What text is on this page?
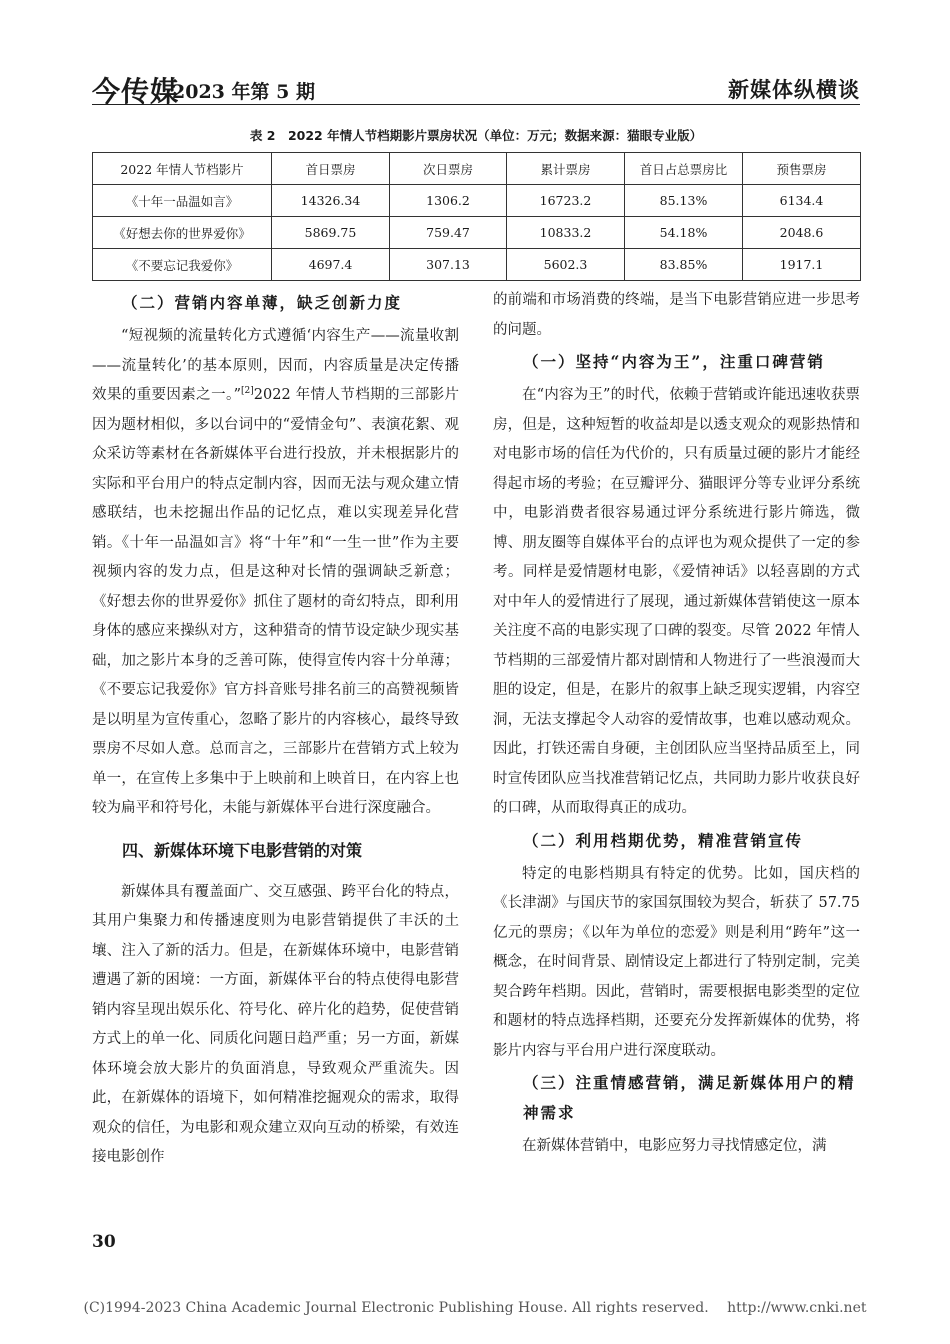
今传媒
2023 年第 5 期	新媒体纵横谈
表 2　2022 年情人节档期影片票房状况（单位：万元；数据来源：猫眼专业版）
2022 年情人节档影片	首日票房	次日票房	累计票房	首日占总票房比	预售票房
《十年一品温如言》	14326.34	1306.2	16723.2	85.13%	6134.4
《好想去你的世界爱你》	5869.75	759.47	10833.2	54.18%	2048.6
《不要忘记我爱你》	4697.4	307.13	5602.3	83.85%	1917.1
（二）营销内容单薄，缺乏创新力度

“短视频的流量转化方式遵循‘内容生产——流量收割——流量转化’的基本原则，因而，内容质量是决定传播效果的重要因素之一。”[2]2022 年情人节档期的三部影片因为题材相似，多以台词中的“爱情金句”、表演花絮、观众采访等素材在各新媒体平台进行投放，并未根据影片的实际和平台用户的特点定制内容，因而无法与观众建立情感联结，也未挖掘出作品的记忆点，难以实现差异化营销。《十年一品温如言》将“十年”和“一生一世”作为主要视频内容的发力点，但是这种对长情的强调缺乏新意；《好想去你的世界爱你》抓住了题材的奇幻特点，即利用身体的感应来操纵对方，这种猎奇的情节设定缺少现实基础，加之影片本身的乏善可陈，使得宣传内容十分单薄；《不要忘记我爱你》官方抖音账号排名前三的高赞视频皆是以明星为宣传重心，忽略了影片的内容核心，最终导致票房不尽如人意。总而言之，三部影片在营销方式上较为单一，在宣传上多集中于上映前和上映首日，在内容上也较为扁平和符号化，未能与新媒体平台进行深度融合。

四、新媒体环境下电影营销的对策

新媒体具有覆盖面广、交互感强、跨平台化的特点，其用户集聚力和传播速度则为电影营销提供了丰沃的土壤、注入了新的活力。但是，在新媒体环境中，电影营销遭遇了新的困境：一方面，新媒体平台的特点使得电影营销内容呈现出娱乐化、符号化、碎片化的趋势，促使营销方式上的单一化、同质化问题日趋严重；另一方面，新媒体环境会放大影片的负面消息，导致观众严重流失。因此，在新媒体的语境下，如何精准挖掘观众的需求，取得观众的信任，为电影和观众建立双向互动的桥梁，有效连接电影创作

的前端和市场消费的终端，是当下电影营销应进一步思考的问题。

（一）坚持“内容为王”，注重口碑营销

在“内容为王”的时代，依赖于营销或许能迅速收获票房，但是，这种短暂的收益却是以透支观众的观影热情和对电影市场的信任为代价的，只有质量过硬的影片才能经得起市场的考验；在豆瓣评分、猫眼评分等专业评分系统中，电影消费者很容易通过评分系统进行影片筛选，微博、朋友圈等自媒体平台的点评也为观众提供了一定的参考。同样是爱情题材电影，《爱情神话》以轻喜剧的方式对中年人的爱情进行了展现，通过新媒体营销使这一原本关注度不高的电影实现了口碑的裂变。尽管 2022 年情人节档期的三部爱情片都对剧情和人物进行了一些浪漫而大胆的设定，但是，在影片的叙事上缺乏现实逻辑，内容空洞，无法支撑起令人动容的爱情故事，也难以感动观众。因此，打铁还需自身硬，主创团队应当坚持品质至上，同时宣传团队应当找准营销记忆点，共同助力影片收获良好的口碑，从而取得真正的成功。

（二）利用档期优势，精准营销宣传

特定的电影档期具有特定的优势。比如，国庆档的《长津湖》与国庆节的家国氛围较为契合，斩获了 57.75 亿元的票房；《以年为单位的恋爱》则是利用“跨年”这一概念，在时间背景、剧情设定上都进行了特别定制，完美契合跨年档期。因此，营销时，需要根据电影类型的定位和题材的特点选择档期，还要充分发挥新媒体的优势，将影片内容与平台用户进行深度联动。

（三）注重情感营销，满足新媒体用户的精神需求

在新媒体营销中，电影应努力寻找情感定位，满

30
(C)1994-2023 China Academic Journal Electronic Publishing House. All rights reserved.　 http://www.cnki.net
